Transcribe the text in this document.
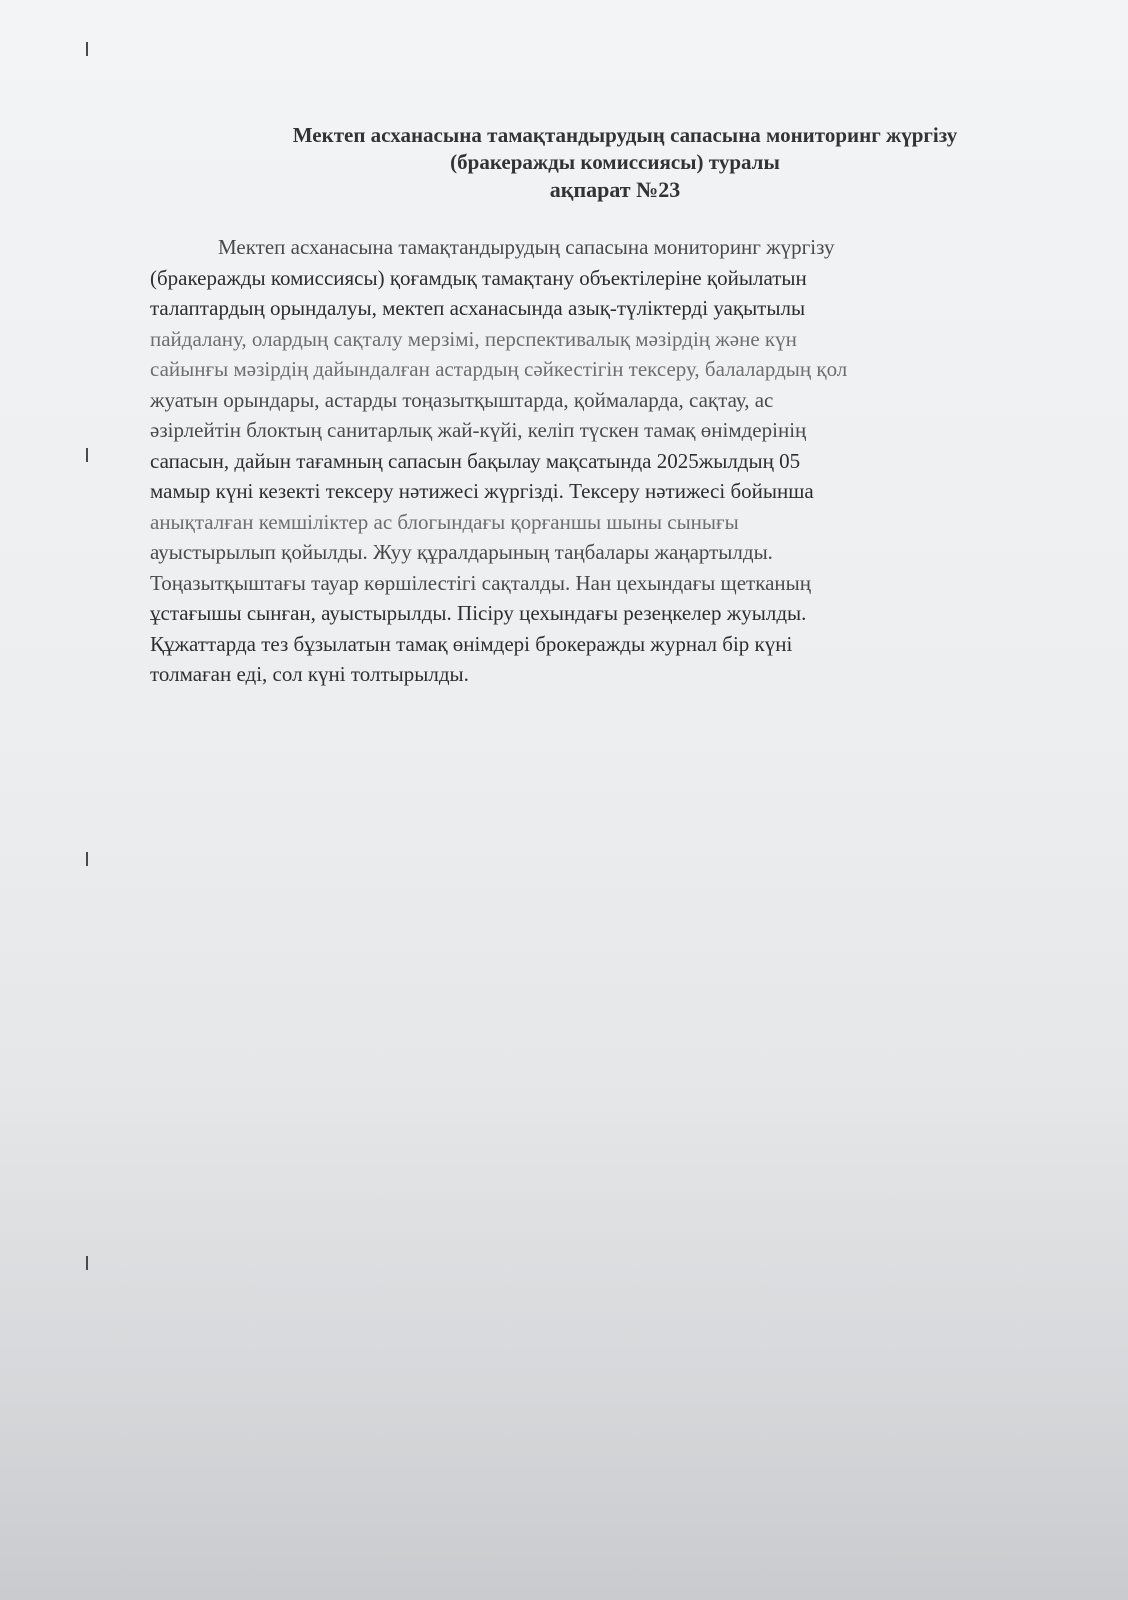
Мектеп асханасына тамақтандырудың сапасына мониторинг жүргізу
(бракеражды комиссиясы) туралы
ақпарат №23
Мектеп асханасына тамақтандырудың сапасына мониторинг жүргізу
(бракеражды комиссиясы) қоғамдық тамақтану объектілеріне қойылатын
талаптардың орындалуы, мектеп асханасында азық-түліктерді уақытылы
пайдалану, олардың сақталу мерзімі, перспективалық мәзірдің және күн
сайынғы мәзірдің дайындалған астардың сәйкестігін тексеру, балалардың қол
жуатын орындары, астарды тоңазытқыштарда, қоймаларда, сақтау, ас
әзірлейтін блоктың санитарлық жай-күйі, келіп түскен тамақ өнімдерінің
сапасын, дайын тағамның сапасын бақылау мақсатында 2025жылдың 05
мамыр күні кезекті тексеру нәтижесі жүргізді. Тексеру нәтижесі бойынша
анықталған кемшіліктер ас блогындағы қорғаншы шыны сынығы
ауыстырылып қойылды. Жуу құралдарының таңбалары жаңартылды.
Тоңазытқыштағы тауар көршілестігі сақталды. Нан цехындағы щетканың
ұстағышы сынған, ауыстырылды. Пісіру цехындағы резеңкелер жуылды.
Құжаттарда тез бұзылатын тамақ өнімдері брокеражды журнал бір күні
толмаған еді, сол күні толтырылды.
